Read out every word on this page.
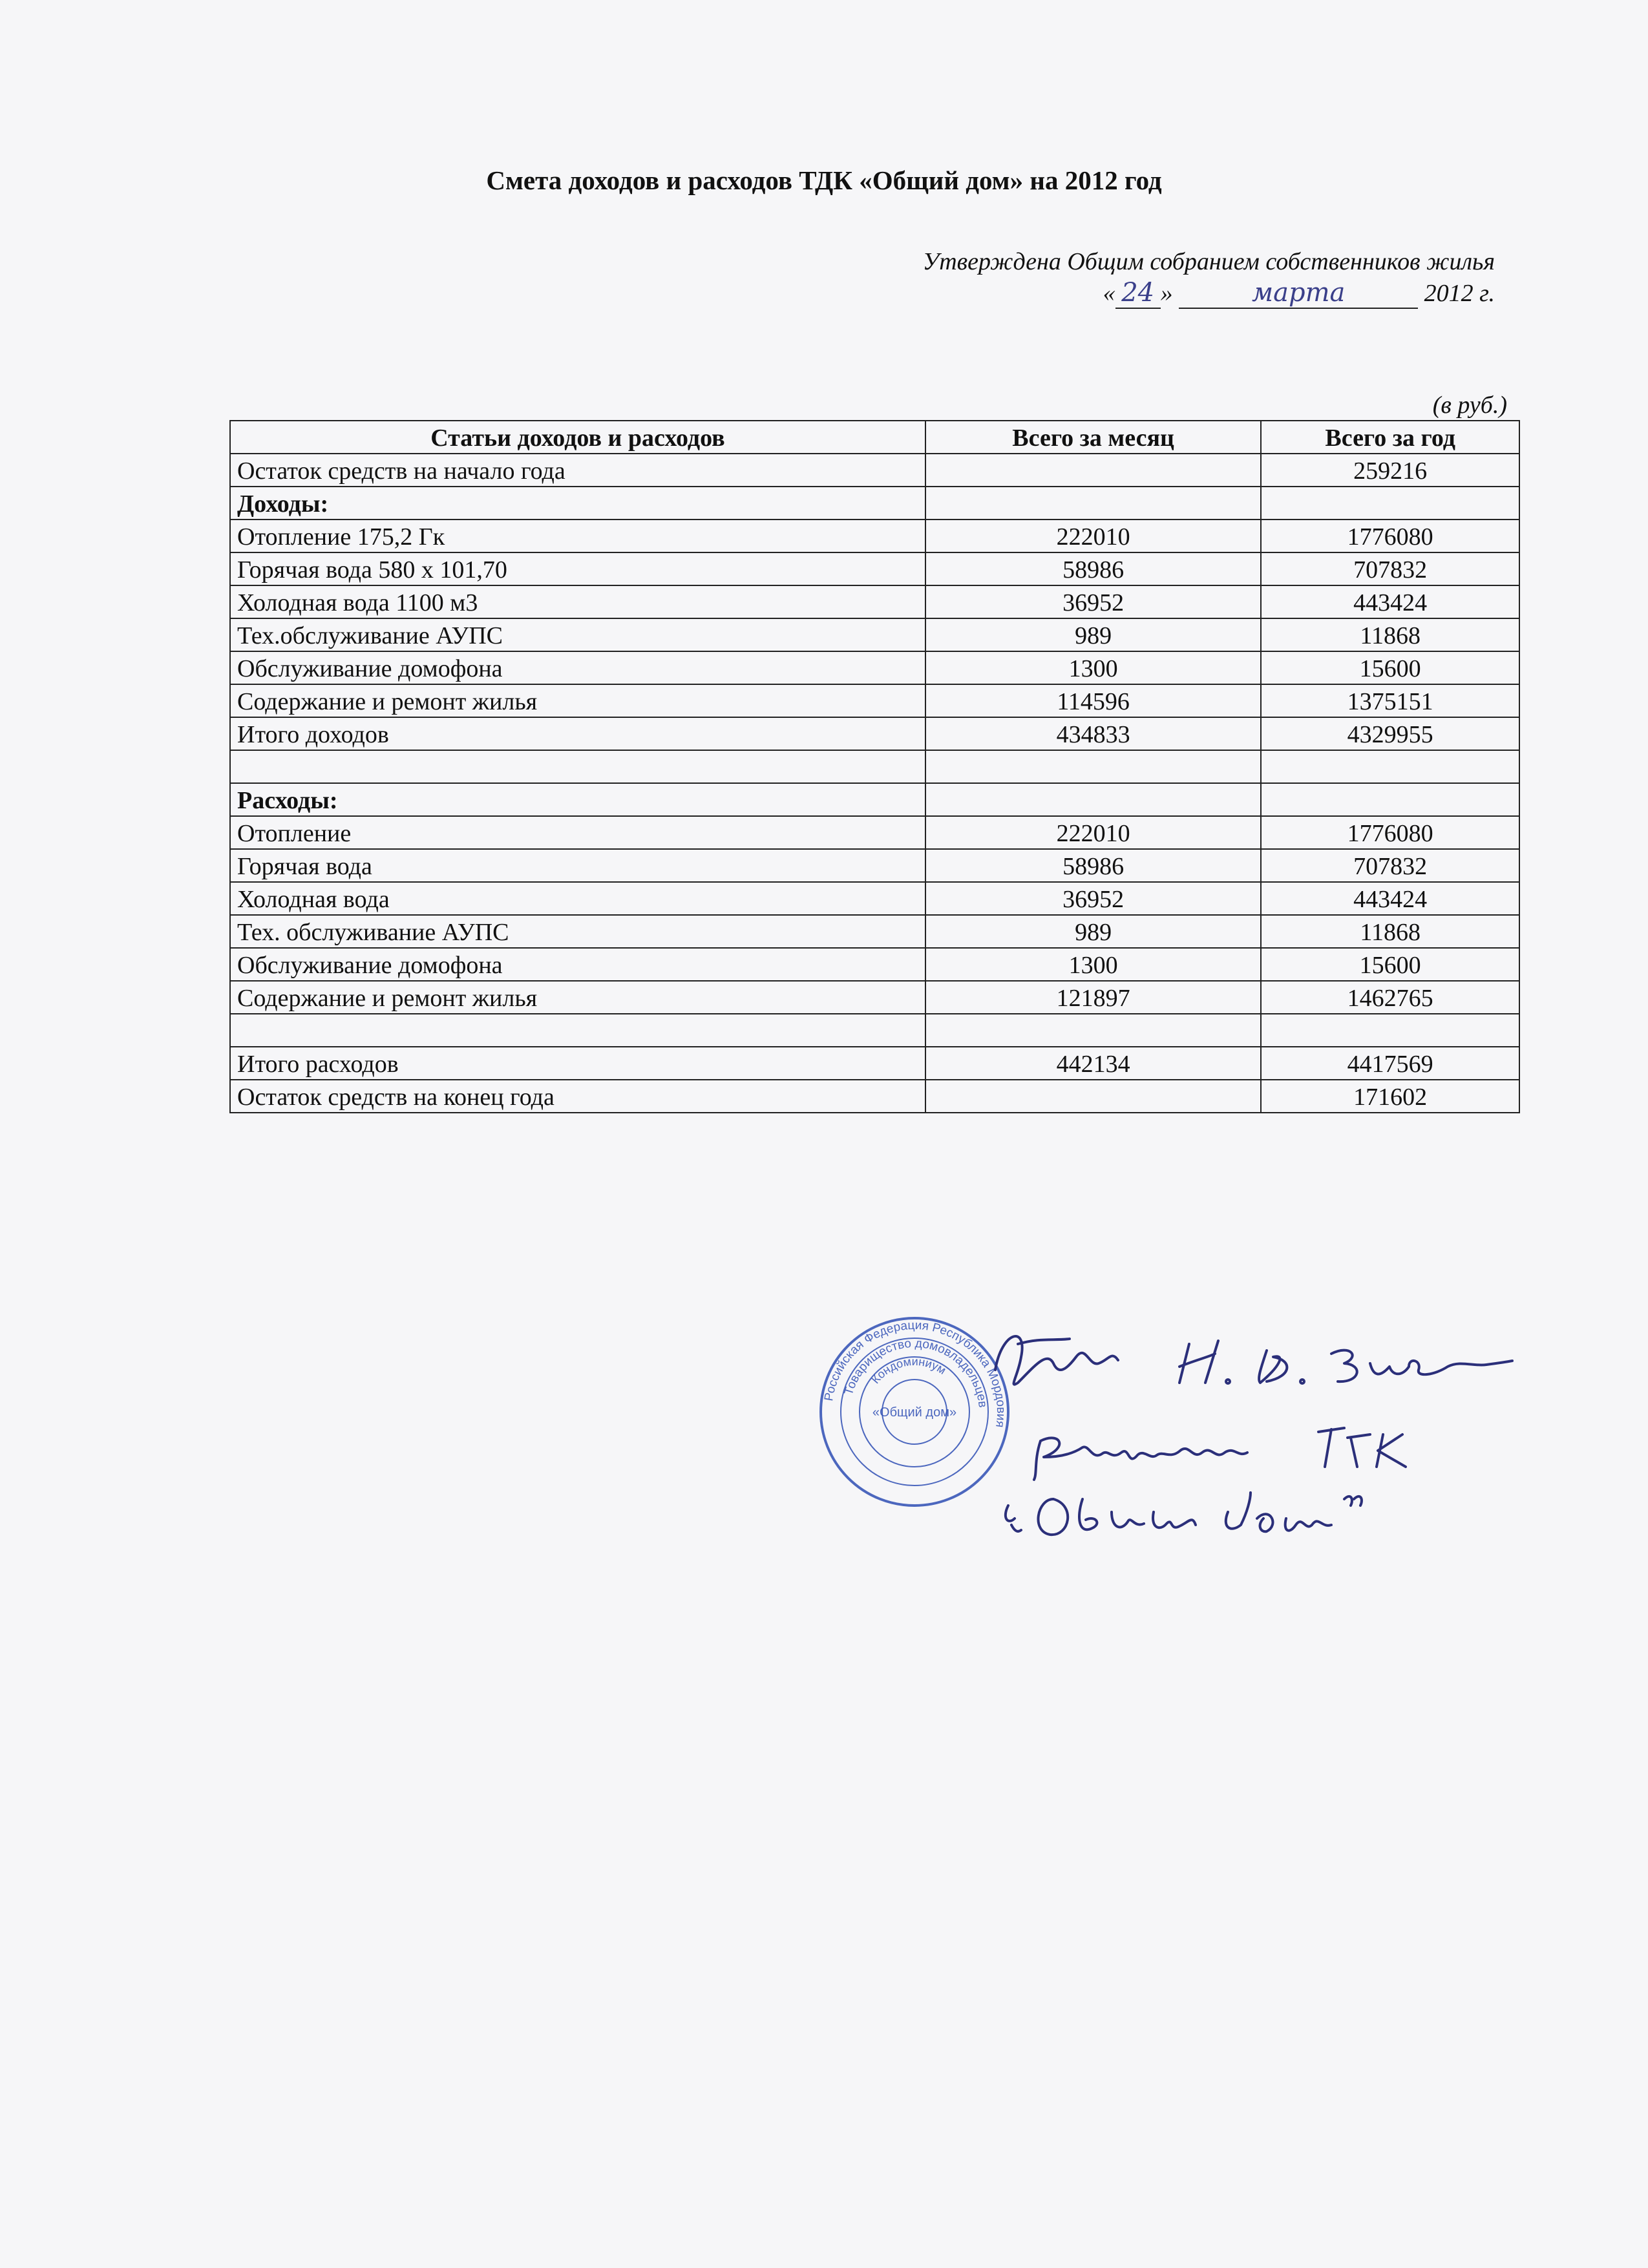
Смета доходов и расходов ТДК «Общий дом» на 2012 год
Утверждена Общим собранием собственников жилья
« 24 »	марта	2012 г.
(в руб.)
Статьи доходов и расходов	Всего за месяц	Всего за год
Остаток средств на начало года		259216
Доходы:		
Отопление 175,2 Гк	222010	1776080
Горячая вода 580 х 101,70	58986	707832
Холодная вода 1100 м3	36952	443424
Тех.обслуживание АУПС	989	11868
Обслуживание домофона	1300	15600
Содержание и ремонт жилья	114596	1375151
Итого доходов	434833	4329955

Расходы:		
Отопление	222010	1776080
Горячая вода	58986	707832
Холодная вода	36952	443424
Тех. обслуживание АУПС	989	11868
Обслуживание домофона	1300	15600
Содержание и ремонт жилья	121897	1462765

Итого расходов	442134	4417569
Остаток средств на конец года		171602
Российская Федерация Республика Мордовия
Товарищество домовладельцев
Кондоминиум
«Общий дом»
